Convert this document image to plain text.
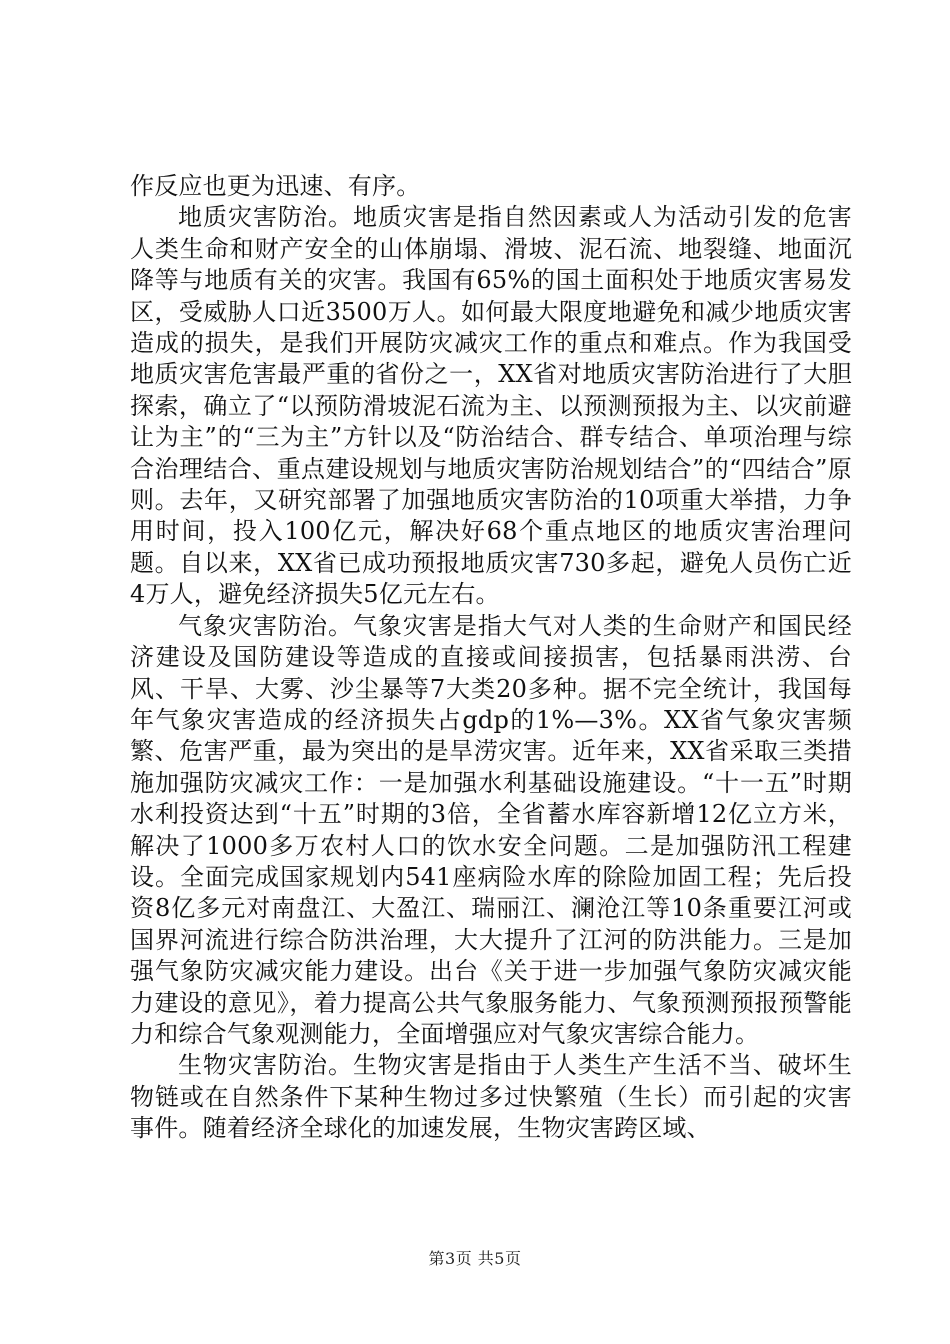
作反应也更为迅速、有序。

地质灾害防治。地质灾害是指自然因素或人为活动引发的危害人类生命和财产安全的山体崩塌、滑坡、泥石流、地裂缝、地面沉降等与地质有关的灾害。我国有65%的国土面积处于地质灾害易发区，受威胁人口近3500万人。如何最大限度地避免和减少地质灾害造成的损失，是我们开展防灾减灾工作的重点和难点。作为我国受地质灾害危害最严重的省份之一，XX省对地质灾害防治进行了大胆探索，确立了“以预防滑坡泥石流为主、以预测预报为主、以灾前避让为主”的“三为主”方针以及“防治结合、群专结合、单项治理与综合治理结合、重点建设规划与地质灾害防治规划结合”的“四结合”原则。去年，又研究部署了加强地质灾害防治的10项重大举措，力争用时间，投入100亿元，解决好68个重点地区的地质灾害治理问题。自以来，XX省已成功预报地质灾害730多起，避免人员伤亡近4万人，避免经济损失5亿元左右。

气象灾害防治。气象灾害是指大气对人类的生命财产和国民经济建设及国防建设等造成的直接或间接损害，包括暴雨洪涝、台风、干旱、大雾、沙尘暴等7大类20多种。据不完全统计，我国每年气象灾害造成的经济损失占gdp的1%—3%。XX省气象灾害频繁、危害严重，最为突出的是旱涝灾害。近年来，XX省采取三类措施加强防灾减灾工作：一是加强水利基础设施建设。“十一五”时期水利投资达到“十五”时期的3倍，全省蓄水库容新增12亿立方米，解决了1000多万农村人口的饮水安全问题。二是加强防汛工程建设。全面完成国家规划内541座病险水库的除险加固工程；先后投资8亿多元对南盘江、大盈江、瑞丽江、澜沧江等10条重要江河或国界河流进行综合防洪治理，大大提升了江河的防洪能力。三是加强气象防灾减灾能力建设。出台《关于进一步加强气象防灾减灾能力建设的意见》，着力提高公共气象服务能力、气象预测预报预警能力和综合气象观测能力，全面增强应对气象灾害综合能力。

生物灾害防治。生物灾害是指由于人类生产生活不当、破坏生物链或在自然条件下某种生物过多过快繁殖（生长）而引起的灾害事件。随着经济全球化的加速发展，生物灾害跨区域、

第3页 共5页
